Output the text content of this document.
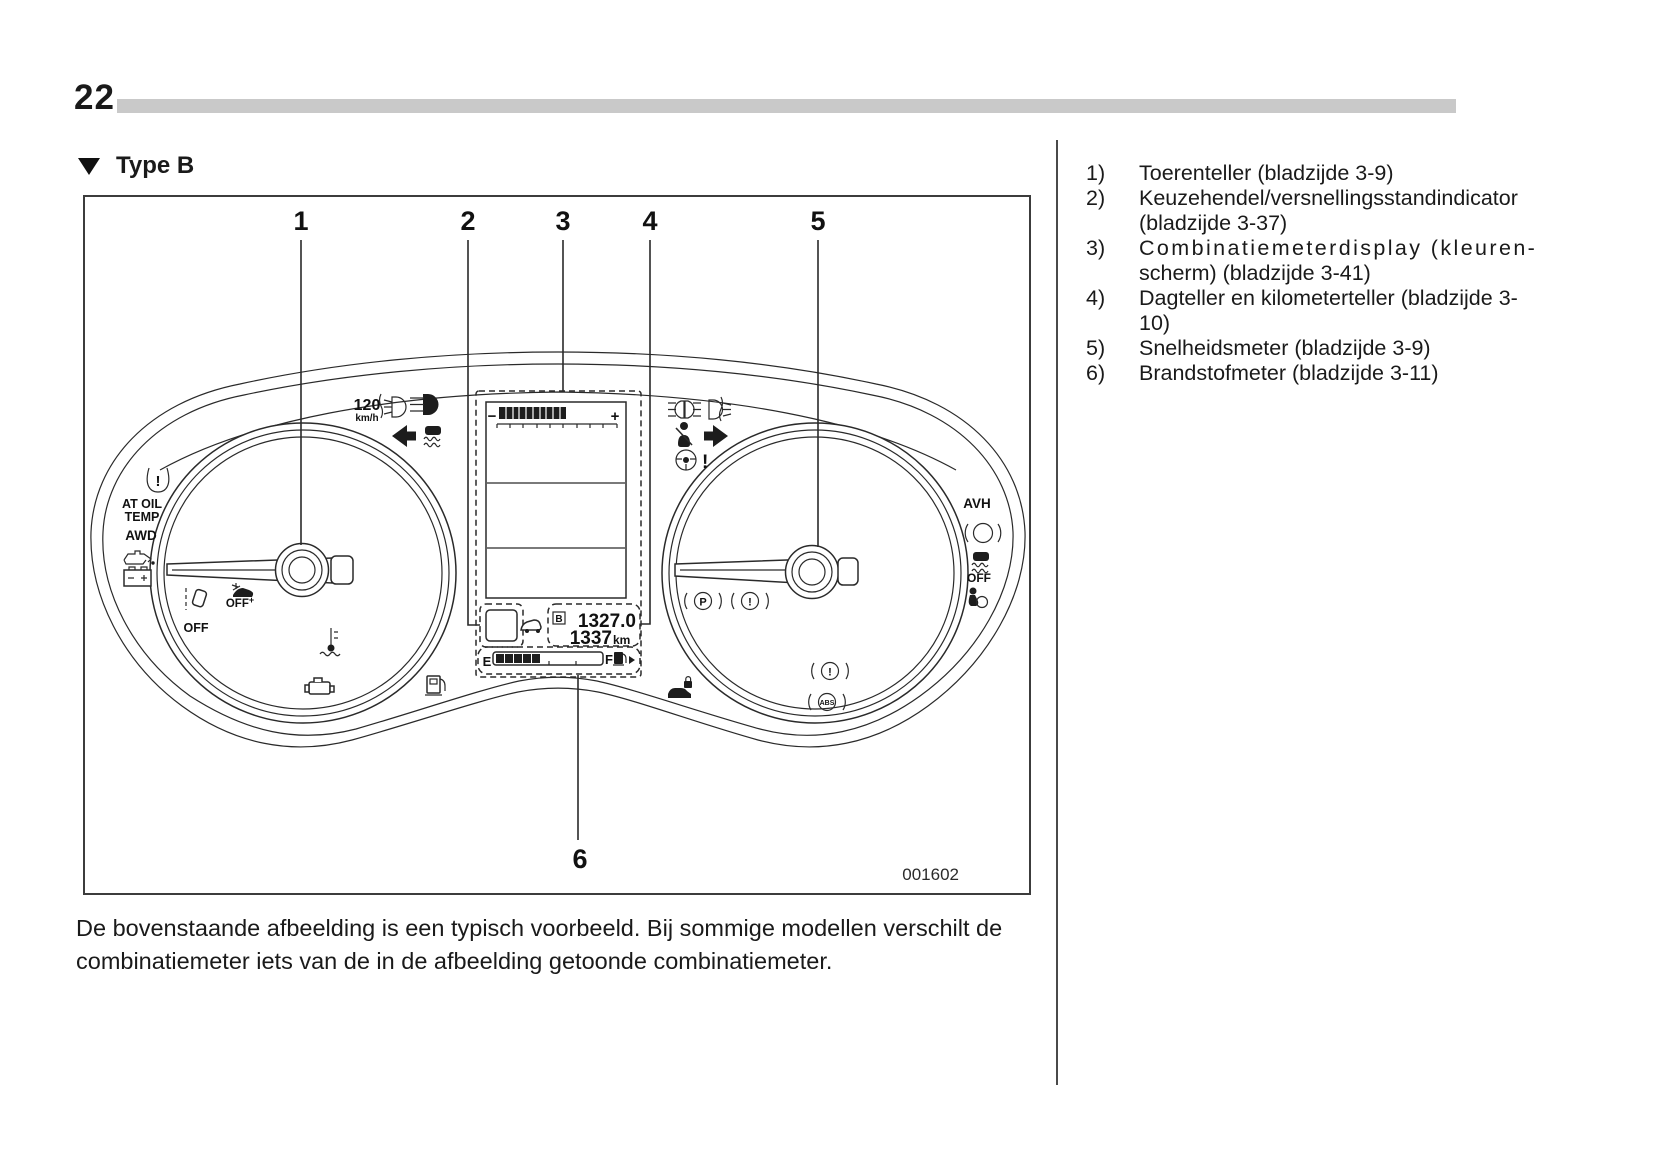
22
Type B
!
AT OIL
TEMP
AWD
OFF
OFF+
120
km/h
!
AVH
OFF
P	!
!
ABS
−	+
B 1327.0
1337 km
E	F
1	2	3	4	5
6
001602
De bovenstaande afbeelding is een typisch voorbeeld. Bij sommige modellen verschilt de
combinatiemeter iets van de in de afbeelding getoonde combinatiemeter.
1)	Toerenteller (bladzijde 3-9)
2)	Keuzehendel/versnellingsstandindicator
(bladzijde 3-37)
3)	Combinatiemeterdisplay (kleuren-
scherm) (bladzijde 3-41)
4)	Dagteller en kilometerteller (bladzijde 3-
10)
5)	Snelheidsmeter (bladzijde 3-9)
6)	Brandstofmeter (bladzijde 3-11)
